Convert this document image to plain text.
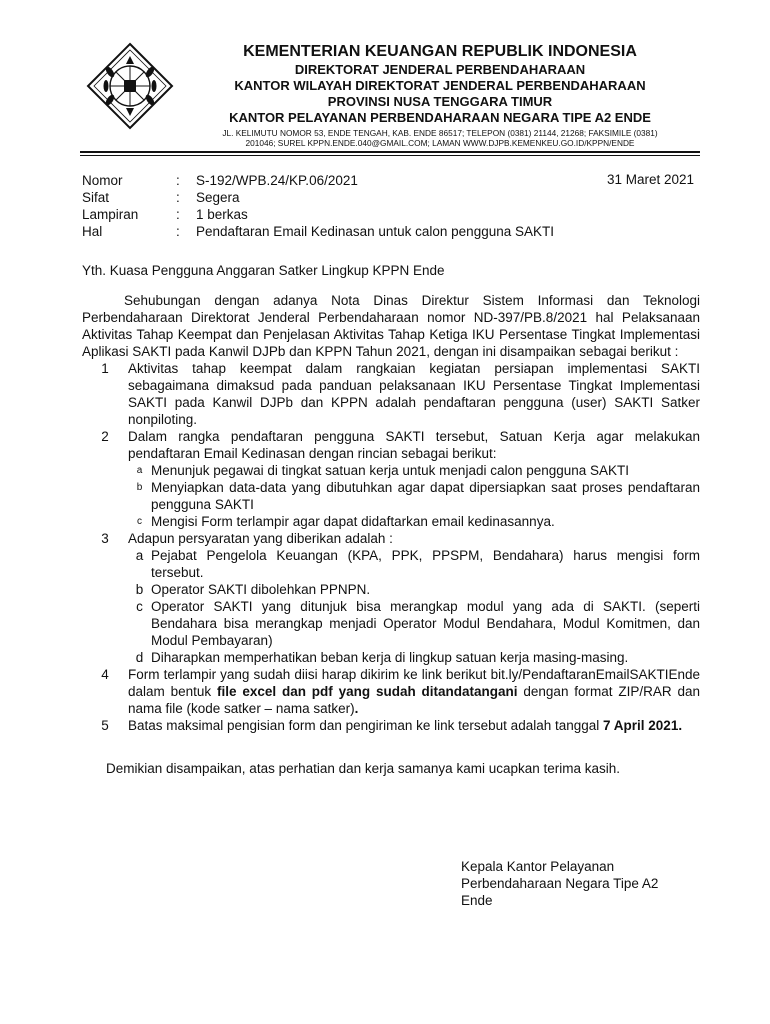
KEMENTERIAN KEUANGAN REPUBLIK INDONESIA
DIREKTORAT JENDERAL PERBENDAHARAAN
KANTOR WILAYAH DIREKTORAT JENDERAL PERBENDAHARAAN
PROVINSI NUSA TENGGARA TIMUR
KANTOR PELAYANAN PERBENDAHARAAN NEGARA TIPE A2 ENDE
JL. KELIMUTU NOMOR 53, ENDE TENGAH, KAB. ENDE 86517; TELEPON (0381) 21144, 21268; FAKSIMILE (0381)
201046; SUREL KPPN.ENDE.040@GMAIL.COM; LAMAN WWW.DJPB.KEMENKEU.GO.ID/KPPN/ENDE
31 Maret 2021
Nomor	:	S-192/WPB.24/KP.06/2021
Sifat	:	Segera
Lampiran	:	1 berkas
Hal	:	Pendaftaran Email Kedinasan untuk calon pengguna SAKTI
Yth. Kuasa Pengguna Anggaran Satker Lingkup KPPN Ende
Sehubungan dengan adanya Nota Dinas Direktur Sistem Informasi dan Teknologi Perbendaharaan Direktorat Jenderal Perbendaharaan nomor ND-397/PB.8/2021 hal Pelaksanaan Aktivitas Tahap Keempat dan Penjelasan Aktivitas Tahap Ketiga IKU Persentase Tingkat Implementasi Aplikasi SAKTI pada Kanwil DJPb dan KPPN Tahun 2021, dengan ini disampaikan sebagai berikut :
1	Aktivitas tahap keempat dalam rangkaian kegiatan persiapan implementasi SAKTI sebagaimana dimaksud pada panduan pelaksanaan IKU Persentase Tingkat Implementasi SAKTI pada Kanwil DJPb dan KPPN adalah pendaftaran pengguna (user) SAKTI Satker nonpiloting.
2	Dalam rangka pendaftaran pengguna SAKTI tersebut, Satuan Kerja agar melakukan pendaftaran Email Kedinasan dengan rincian sebagai berikut:
a Menunjuk pegawai di tingkat satuan kerja untuk menjadi calon pengguna SAKTI
b Menyiapkan data-data yang dibutuhkan agar dapat dipersiapkan saat proses pendaftaran pengguna SAKTI
c Mengisi Form terlampir agar dapat didaftarkan email kedinasannya.
3	Adapun persyaratan yang diberikan adalah :
a Pejabat Pengelola Keuangan (KPA, PPK, PPSPM, Bendahara) harus mengisi form tersebut.
b Operator SAKTI dibolehkan PPNPN.
c Operator SAKTI yang ditunjuk bisa merangkap modul yang ada di SAKTI. (seperti Bendahara bisa merangkap menjadi Operator Modul Bendahara, Modul Komitmen, dan Modul Pembayaran)
d Diharapkan memperhatikan beban kerja di lingkup satuan kerja masing-masing.
4	Form terlampir yang sudah diisi harap dikirim ke link berikut bit.ly/PendaftaranEmailSAKTIEnde dalam bentuk file excel dan pdf yang sudah ditandatangani dengan format ZIP/RAR dan nama file (kode satker – nama satker).
5	Batas maksimal pengisian form dan pengiriman ke link tersebut adalah tanggal 7 April 2021.
Demikian disampaikan, atas perhatian dan kerja samanya kami ucapkan terima kasih.
Kepala Kantor Pelayanan
Perbendaharaan Negara Tipe A2
Ende
